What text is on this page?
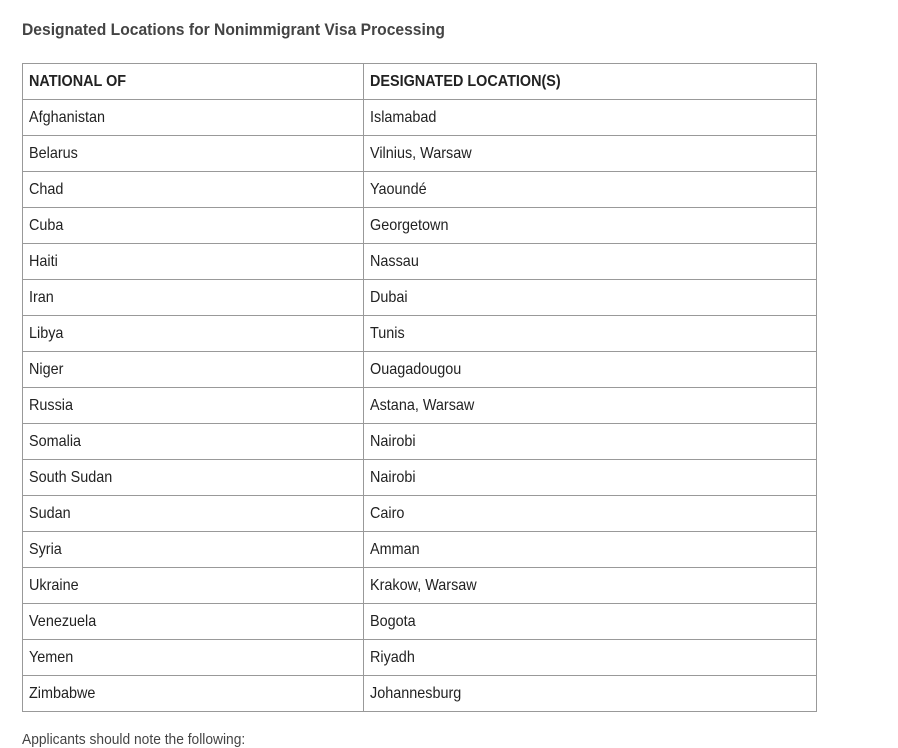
Designated Locations for Nonimmigrant Visa Processing
NATIONAL OF	DESIGNATED LOCATION(S)
Afghanistan	Islamabad
Belarus	Vilnius, Warsaw
Chad	Yaoundé
Cuba	Georgetown
Haiti	Nassau
Iran	Dubai
Libya	Tunis
Niger	Ouagadougou
Russia	Astana, Warsaw
Somalia	Nairobi
South Sudan	Nairobi
Sudan	Cairo
Syria	Amman
Ukraine	Krakow, Warsaw
Venezuela	Bogota
Yemen	Riyadh
Zimbabwe	Johannesburg

Applicants should note the following:
